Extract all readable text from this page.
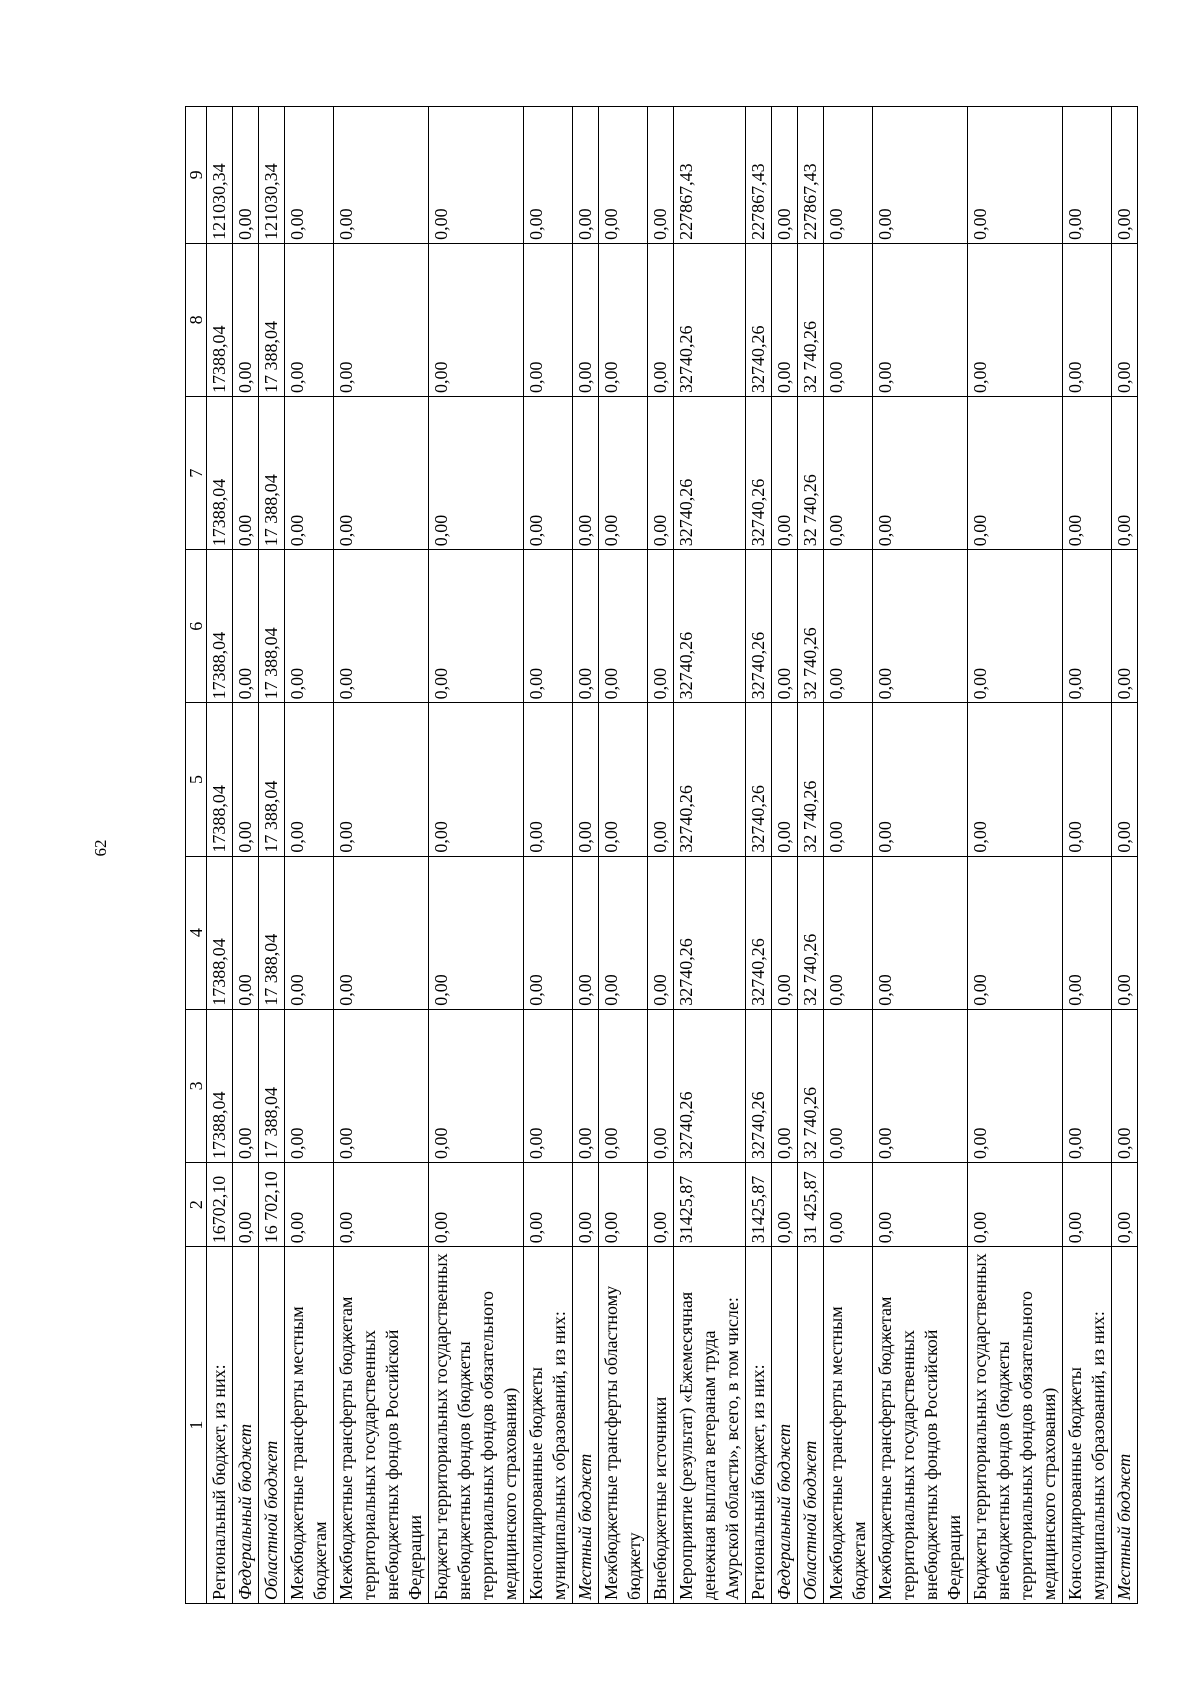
62
1	2	3	4	5	6	7	8	9
Региональный бюджет, из них:	16702,10	17388,04	17388,04	17388,04	17388,04	17388,04	17388,04	121030,34
Федеральный бюджет	0,00	0,00	0,00	0,00	0,00	0,00	0,00	0,00
Областной бюджет	16 702,10	17 388,04	17 388,04	17 388,04	17 388,04	17 388,04	17 388,04	121030,34
Межбюджетные трансферты местным бюджетам	0,00	0,00	0,00	0,00	0,00	0,00	0,00	0,00
Межбюджетные трансферты бюджетам территориальных государственных внебюджетных фондов Российской Федерации	0,00	0,00	0,00	0,00	0,00	0,00	0,00	0,00
Бюджеты территориальных государственных внебюджетных фондов (бюджеты территориальных фондов обязательного медицинского страхования)	0,00	0,00	0,00	0,00	0,00	0,00	0,00	0,00
Консолидированные бюджеты муниципальных образований, из них:	0,00	0,00	0,00	0,00	0,00	0,00	0,00	0,00
Местный бюджет	0,00	0,00	0,00	0,00	0,00	0,00	0,00	0,00
Межбюджетные трансферты областному бюджету	0,00	0,00	0,00	0,00	0,00	0,00	0,00	0,00
Внебюджетные источники	0,00	0,00	0,00	0,00	0,00	0,00	0,00	0,00
Мероприятие (результат) «Ежемесячная денежная выплата ветеранам труда Амурской области», всего, в том числе:	31425,87	32740,26	32740,26	32740,26	32740,26	32740,26	32740,26	227867,43
Региональный бюджет, из них:	31425,87	32740,26	32740,26	32740,26	32740,26	32740,26	32740,26	227867,43
Федеральный бюджет	0,00	0,00	0,00	0,00	0,00	0,00	0,00	0,00
Областной бюджет	31 425,87	32 740,26	32 740,26	32 740,26	32 740,26	32 740,26	32 740,26	227867,43
Межбюджетные трансферты местным бюджетам	0,00	0,00	0,00	0,00	0,00	0,00	0,00	0,00
Межбюджетные трансферты бюджетам территориальных государственных внебюджетных фондов Российской Федерации	0,00	0,00	0,00	0,00	0,00	0,00	0,00	0,00
Бюджеты территориальных государственных внебюджетных фондов (бюджеты территориальных фондов обязательного медицинского страхования)	0,00	0,00	0,00	0,00	0,00	0,00	0,00	0,00
Консолидированные бюджеты муниципальных образований, из них:	0,00	0,00	0,00	0,00	0,00	0,00	0,00	0,00
Местный бюджет	0,00	0,00	0,00	0,00	0,00	0,00	0,00	0,00
